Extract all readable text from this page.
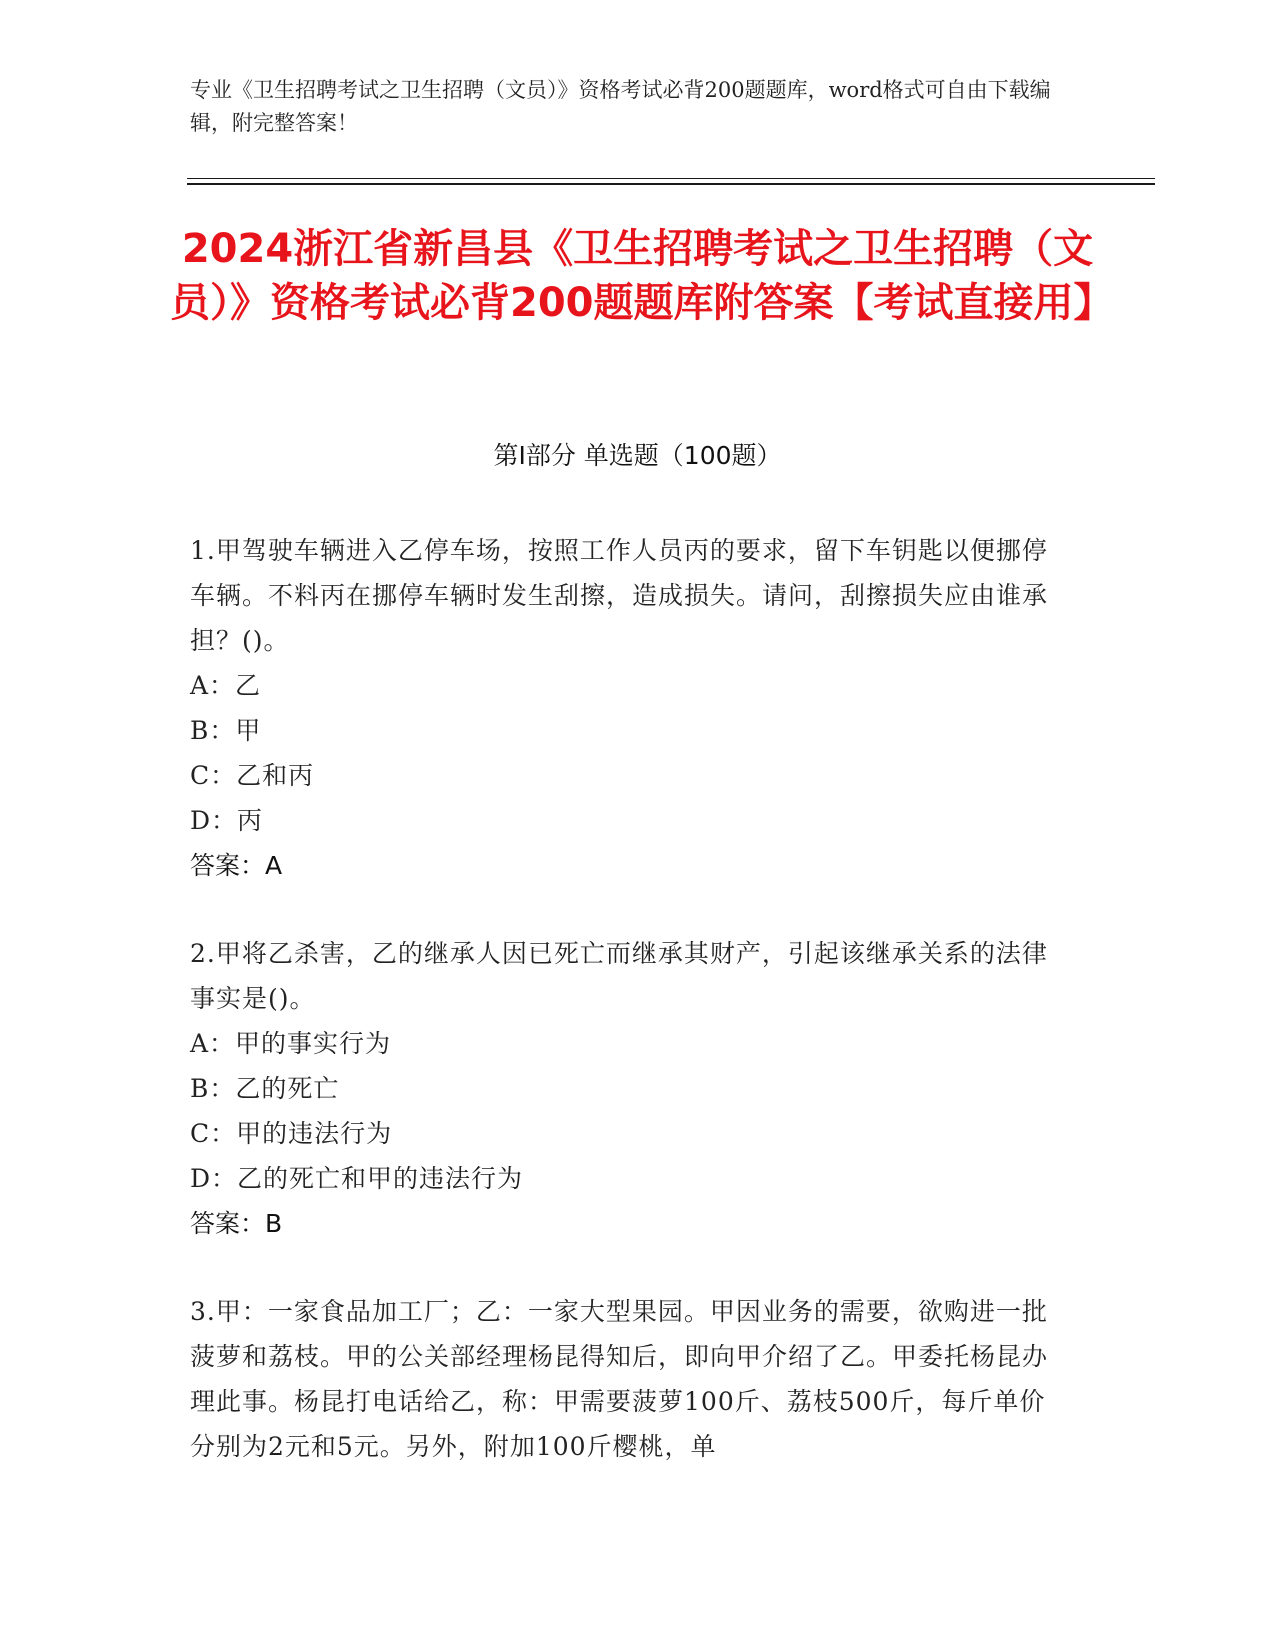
专业《卫生招聘考试之卫生招聘（文员）》资格考试必背200题题库，word格式可自由下载编辑，附完整答案！
2024浙江省新昌县《卫生招聘考试之卫生招聘（文员）》资格考试必背200题题库附答案【考试直接用】
第I部分 单选题（100题）
1.甲驾驶车辆进入乙停车场，按照工作人员丙的要求，留下车钥匙以便挪停车辆。不料丙在挪停车辆时发生刮擦，造成损失。请问，刮擦损失应由谁承担？()。
A：乙
B：甲
C：乙和丙
D：丙
答案：A
2.甲将乙杀害，乙的继承人因已死亡而继承其财产，引起该继承关系的法律事实是()。
A：甲的事实行为
B：乙的死亡
C：甲的违法行为
D：乙的死亡和甲的违法行为
答案：B
3.甲：一家食品加工厂；乙：一家大型果园。甲因业务的需要，欲购进一批菠萝和荔枝。甲的公关部经理杨昆得知后，即向甲介绍了乙。甲委托杨昆办理此事。杨昆打电话给乙，称：甲需要菠萝100斤、荔枝500斤，每斤单价分别为2元和5元。另外，附加100斤樱桃，单
